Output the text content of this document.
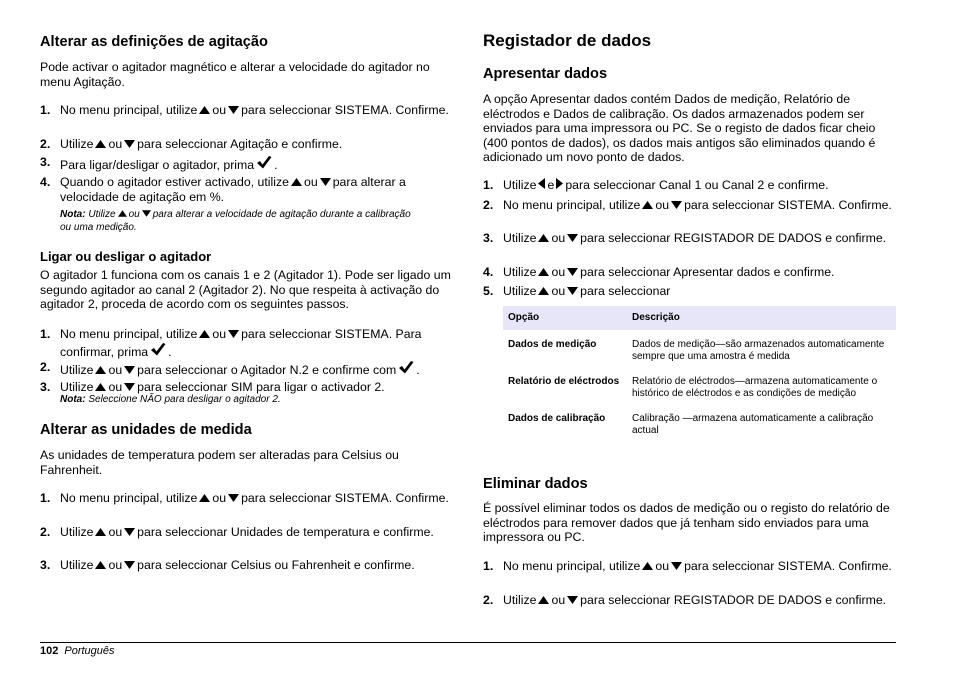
Alterar as definições de agitação

Pode activar o agitador magnético e alterar a velocidade do agitador no menu Agitação.

1. No menu principal, utilize ou para seleccionar SISTEMA. Confirme.
2. Utilize ou para seleccionar Agitação e confirme.
3. Para ligar/desligar o agitador, prima .
4. Quando o agitador estiver activado, utilize ou para alterar a velocidade de agitação em %.
Nota: Utilize ou para alterar a velocidade de agitação durante a calibração ou uma medição.
Ligar ou desligar o agitador

O agitador 1 funciona com os canais 1 e 2 (Agitador 1). Pode ser ligado um segundo agitador ao canal 2 (Agitador 2). No que respeita à activação do agitador 2, proceda de acordo com os seguintes passos.

1. No menu principal, utilize ou para seleccionar SISTEMA. Para confirmar, prima .
2. Utilize ou para seleccionar o Agitador N.2 e confirme com .
3. Utilize ou para seleccionar SIM para ligar o activador 2.
Nota: Seleccione NÃO para desligar o agitador 2.
Alterar as unidades de medida

As unidades de temperatura podem ser alteradas para Celsius ou Fahrenheit.

1. No menu principal, utilize ou para seleccionar SISTEMA. Confirme.
2. Utilize ou para seleccionar Unidades de temperatura e confirme.
3. Utilize ou para seleccionar Celsius ou Fahrenheit e confirme.
Registador de dados
Apresentar dados

A opção Apresentar dados contém Dados de medição, Relatório de eléctrodos e Dados de calibração. Os dados armazenados podem ser enviados para uma impressora ou PC. Se o registo de dados ficar cheio (400 pontos de dados), os dados mais antigos são eliminados quando é adicionado um novo ponto de dados.

1. Utilize e para seleccionar Canal 1 ou Canal 2 e confirme.
2. No menu principal, utilize ou para seleccionar SISTEMA. Confirme.
3. Utilize ou para seleccionar REGISTADOR DE DADOS e confirme.
4. Utilize ou para seleccionar Apresentar dados e confirme.
5. Utilize ou para seleccionar
Opção	Descrição
Dados de medição	Dados de medição—são armazenados automaticamente sempre que uma amostra é medida
Relatório de eléctrodos	Relatório de eléctrodos—armazena automaticamente o histórico de eléctrodos e as condições de medição
Dados de calibração	Calibração —armazena automaticamente a calibração actual
Eliminar dados

É possível eliminar todos os dados de medição ou o registo do relatório de eléctrodos para remover dados que já tenham sido enviados para uma impressora ou PC.

1. No menu principal, utilize ou para seleccionar SISTEMA. Confirme.
2. Utilize ou para seleccionar REGISTADOR DE DADOS e confirme.
102 Português
